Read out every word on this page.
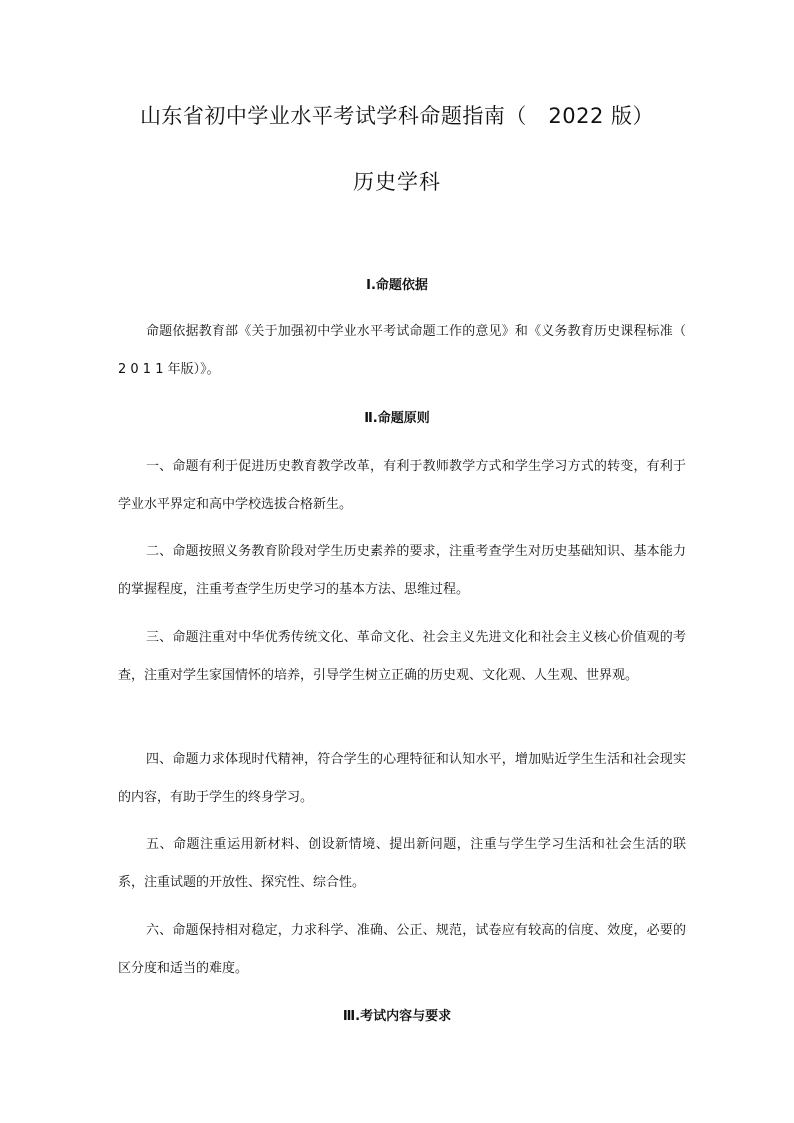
山东省初中学业水平考试学科命题指南（　2022 版）
历史学科
Ⅰ.命题依据

命题依据教育部《关于加强初中学业水平考试命题工作的意见》和《义务教育历史课程标准（ 2 0 1 1 年版）》。

Ⅱ.命题原则

一、命题有利于促进历史教育教学改革，有利于教师教学方式和学生学习方式的转变，有利于学业水平界定和高中学校选拔合格新生。

二、命题按照义务教育阶段对学生历史素养的要求，注重考查学生对历史基础知识、基本能力的掌握程度，注重考查学生历史学习的基本方法、思维过程。

三、命题注重对中华优秀传统文化、革命文化、社会主义先进文化和社会主义核心价值观的考查，注重对学生家国情怀的培养，引导学生树立正确的历史观、文化观、人生观、世界观。

四、命题力求体现时代精神，符合学生的心理特征和认知水平，增加贴近学生生活和社会现实的内容，有助于学生的终身学习。

五、命题注重运用新材料、创设新情境、提出新问题，注重与学生学习生活和社会生活的联系，注重试题的开放性、探究性、综合性。

六、命题保持相对稳定，力求科学、准确、公正、规范，试卷应有较高的信度、效度，必要的区分度和适当的难度。

Ⅲ.考试内容与要求
